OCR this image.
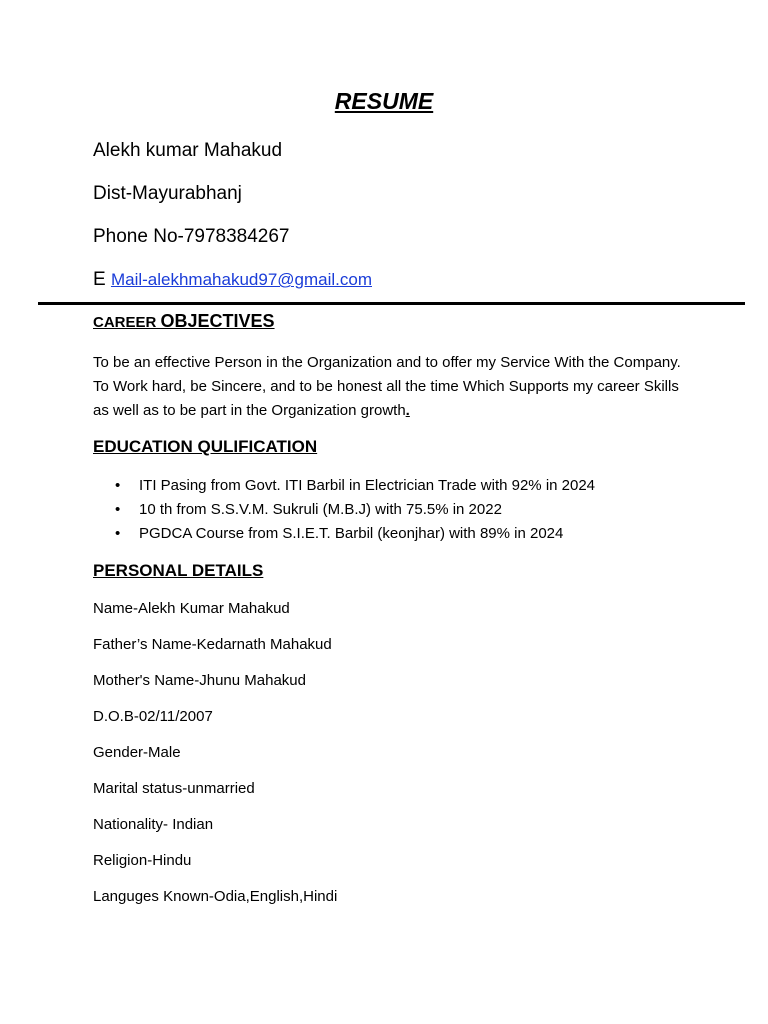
RESUME
Alekh kumar Mahakud
Dist-Mayurabhanj
Phone No-7978384267
E Mail-alekhmahakud97@gmail.com
CAREER OBJECTIVES
To be an effective Person in the Organization and to offer my Service With the Company. To Work hard, be Sincere, and to be honest all the time Which Supports my career Skills as well as to be part in the Organization growth.
EDUCATION QULIFICATION
• ITI Pasing from Govt. ITI Barbil in Electrician Trade with 92% in 2024
• 10 th from S.S.V.M. Sukruli (M.B.J) with 75.5% in 2022
• PGDCA Course from S.I.E.T. Barbil (keonjhar) with 89% in 2024
PERSONAL DETAILS
Name-Alekh Kumar Mahakud
Father’s Name-Kedarnath Mahakud
Mother's Name-Jhunu Mahakud
D.O.B-02/11/2007
Gender-Male
Marital status-unmarried
Nationality- Indian
Religion-Hindu
Languges Known-Odia,English,Hindi
